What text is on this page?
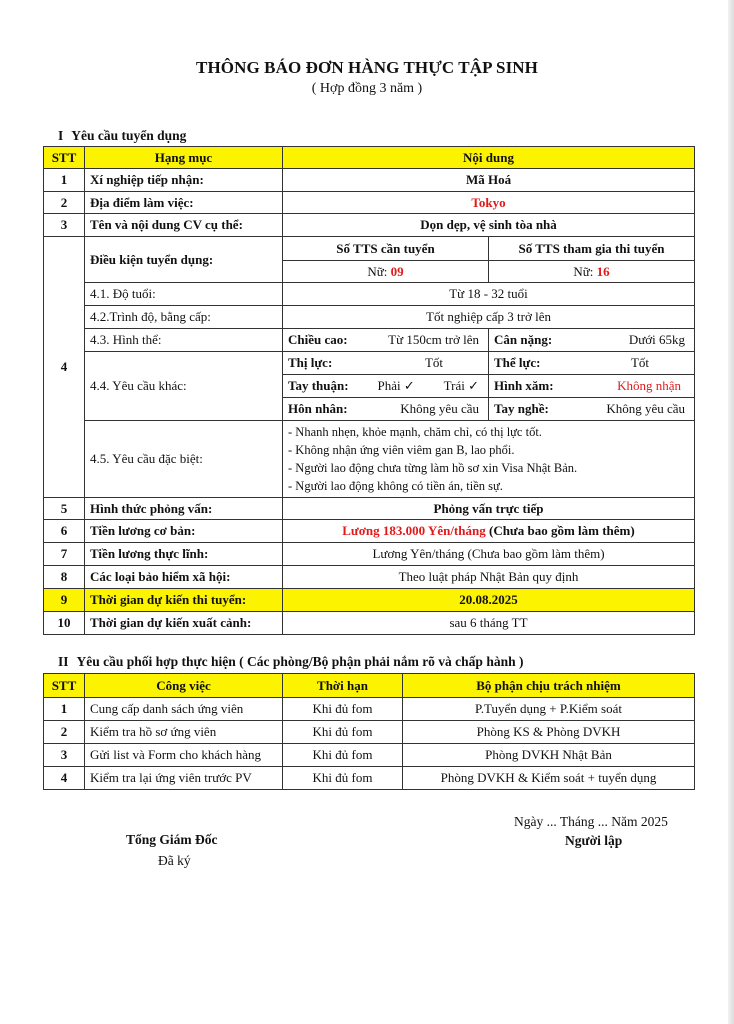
THÔNG BÁO ĐƠN HÀNG THỰC TẬP SINH
( Hợp đồng 3 năm )
I Yêu cầu tuyển dụng
STT	Hạng mục	Nội dung	
1	Xí nghiệp tiếp nhận:	Mã Hoá	
2	Địa điểm làm việc:	Tokyo	
3	Tên và nội dung CV cụ thể:	Dọn dẹp, vệ sinh tòa nhà	
4	Điều kiện tuyển dụng:	Số TTS cần tuyển	Số TTS tham gia thi tuyển
		Nữ: 09	Nữ: 16
	4.1. Độ tuổi:	Từ 18 - 32 tuổi	
	4.2.Trình độ, bằng cấp:	Tốt nghiệp cấp 3 trở lên	
	4.3. Hình thể:	Chiều cao: Từ 150cm trở lên	Cân nặng: Dưới 65kg

	4.4. Yêu cầu khác:	Thị lực: Tốt	Thể lực: Tốt

		Tay thuận: Phải ✓ Trái ✓	Hình xăm: Không nhận

		Hôn nhân: Không yêu cầu	Tay nghề: Không yêu cầu

	4.5. Yêu cầu đặc biệt:	- Nhanh nhẹn, khỏe mạnh, chăm chỉ, có thị lực tốt.
- Không nhận ứng viên viêm gan B, lao phổi.
- Người lao động chưa từng làm hồ sơ xin Visa Nhật Bản.
- Người lao động không có tiền án, tiền sự.	

5	Hình thức phỏng vấn:	Phỏng vấn trực tiếp	
6	Tiền lương cơ bản:	Lương 183.000 Yên/tháng (Chưa bao gồm làm thêm)	
7	Tiền lương thực lĩnh:	Lương Yên/tháng (Chưa bao gồm làm thêm)	
8	Các loại bảo hiểm xã hội:	Theo luật pháp Nhật Bản quy định	
9	Thời gian dự kiến thi tuyển:	20.08.2025	
10	Thời gian dự kiến xuất cảnh:	sau 6 tháng TT	
II Yêu cầu phối hợp thực hiện ( Các phòng/Bộ phận phải nắm rõ và chấp hành )
STT	Công việc	Thời hạn	Bộ phận chịu trách nhiệm
1	Cung cấp danh sách ứng viên	Khi đủ fom	P.Tuyển dụng + P.Kiểm soát
2	Kiểm tra hồ sơ ứng viên	Khi đủ fom	Phòng KS & Phòng DVKH
3	Gửi list và Form cho khách hàng	Khi đủ fom	Phòng DVKH Nhật Bản
4	Kiểm tra lại ứng viên trước PV	Khi đủ fom	Phòng DVKH & Kiểm soát + tuyển dụng
Ngày ... Tháng ... Năm 2025
Tổng Giám Đốc
Đã ký
Người lập
